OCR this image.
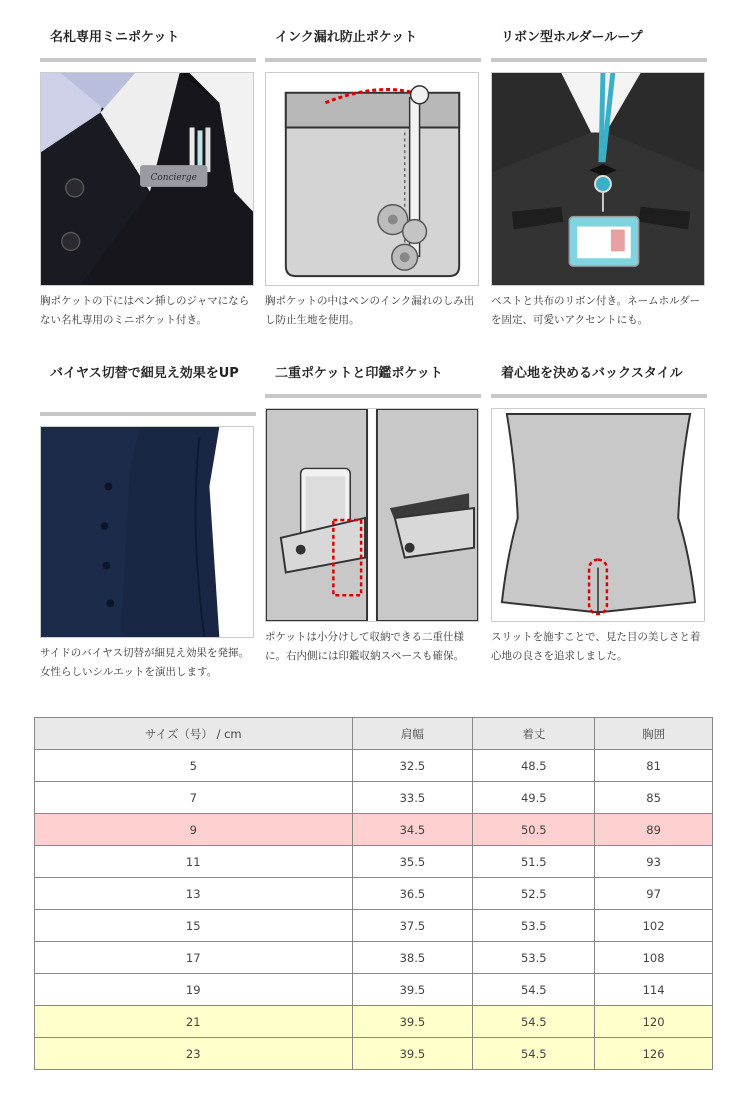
名札専用ミニポケット
Concierge
胸ポケットの下にはペン挿しのジャマにならない名札専用のミニポケット付き。
インク漏れ防止ポケット
胸ポケットの中はペンのインク漏れのしみ出し防止生地を使用。
リボン型ホルダーループ
ベストと共布のリボン付き。ネームホルダーを固定、可愛いアクセントにも。
バイヤス切替で細見え効果をUP
サイドのバイヤス切替が細見え効果を発揮。女性らしいシルエットを演出します。
二重ポケットと印鑑ポケット
ポケットは小分けして収納できる二重仕様に。右内側には印鑑収納スペースも確保。
着心地を決めるバックスタイル
スリットを施すことで、見た目の美しさと着心地の良さを追求しました。
サイズ（号） / cm	肩幅	着丈	胸囲
5	32.5	48.5	81
7	33.5	49.5	85
9	34.5	50.5	89
11	35.5	51.5	93
13	36.5	52.5	97
15	37.5	53.5	102
17	38.5	53.5	108
19	39.5	54.5	114
21	39.5	54.5	120
23	39.5	54.5	126
